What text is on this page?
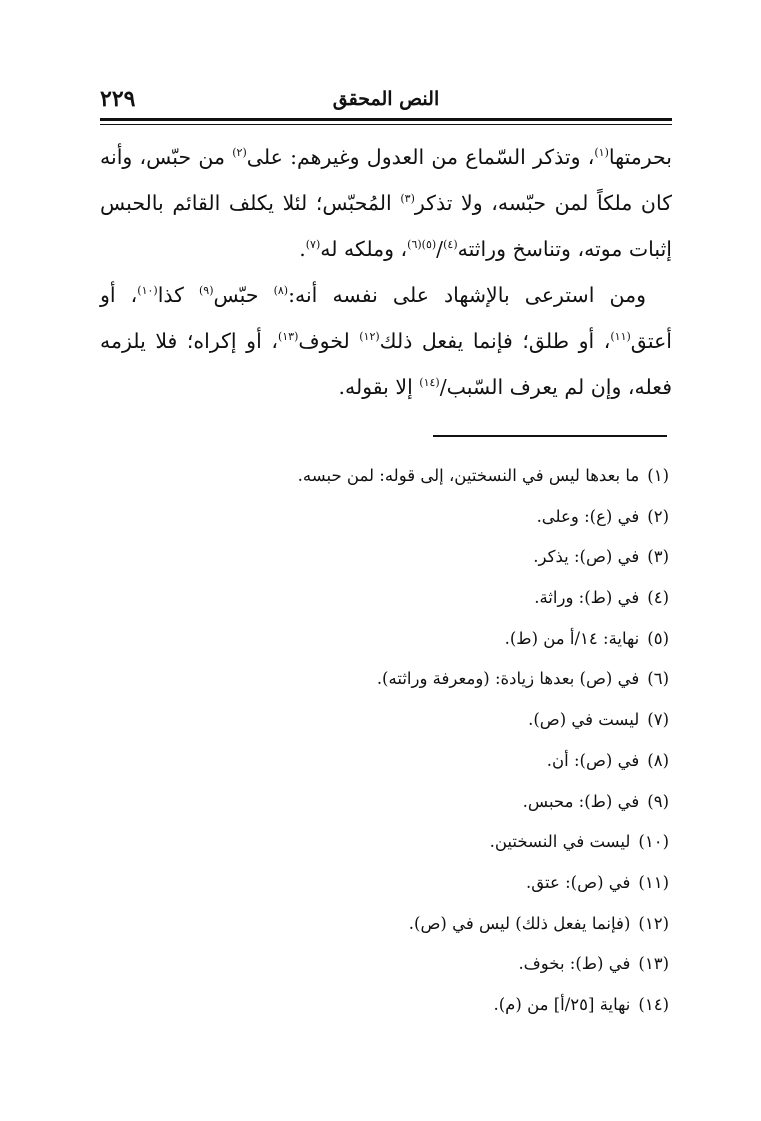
٢٢٩	النص المحقق

بحرمتها$^{(١)}$، وتذكر السّماع من العدول وغيرهم: على$^{(٢)}$ من حبّس، وأنه كان ملكاً لمن حبّسه، ولا تذكر$^{(٣)}$ المُحبّس؛ لئلا يكلف القائم بالحبس إثبات موته، وتناسخ وراثته$^{(٤)}$/$^{(٥)(٦)}$، وملكه له$^{(٧)}$.

ومن استرعى بالإشهاد على نفسه أنه:$^{(٨)}$ حبّس$^{(٩)}$ كذا$^{(١٠)}$، أو أعتق$^{(١١)}$، أو طلق؛ فإنما يفعل ذلك$^{(١٢)}$ لخوف$^{(١٣)}$، أو إكراه؛ فلا يلزمه فعله، وإن لم يعرف السّبب/$^{(١٤)}$ إلا بقوله.

(١)ما بعدها ليس في النسختين، إلى قوله: لمن حبسه.
(٢)في (ع): وعلى.
(٣)في (ص): يذكر.
(٤)في (ط): وراثة.
(٥)نهاية: ١٤/أ من (ط).
(٦)في (ص) بعدها زيادة: (ومعرفة وراثته).
(٧)ليست في (ص).
(٨)في (ص): أن.
(٩)في (ط): محبس.
(١٠)ليست في النسختين.
(١١)في (ص): عتق.
(١٢)(فإنما يفعل ذلك) ليس في (ص).
(١٣)في (ط): بخوف.
(١٤)نهاية [٢٥/أ] من (م).
